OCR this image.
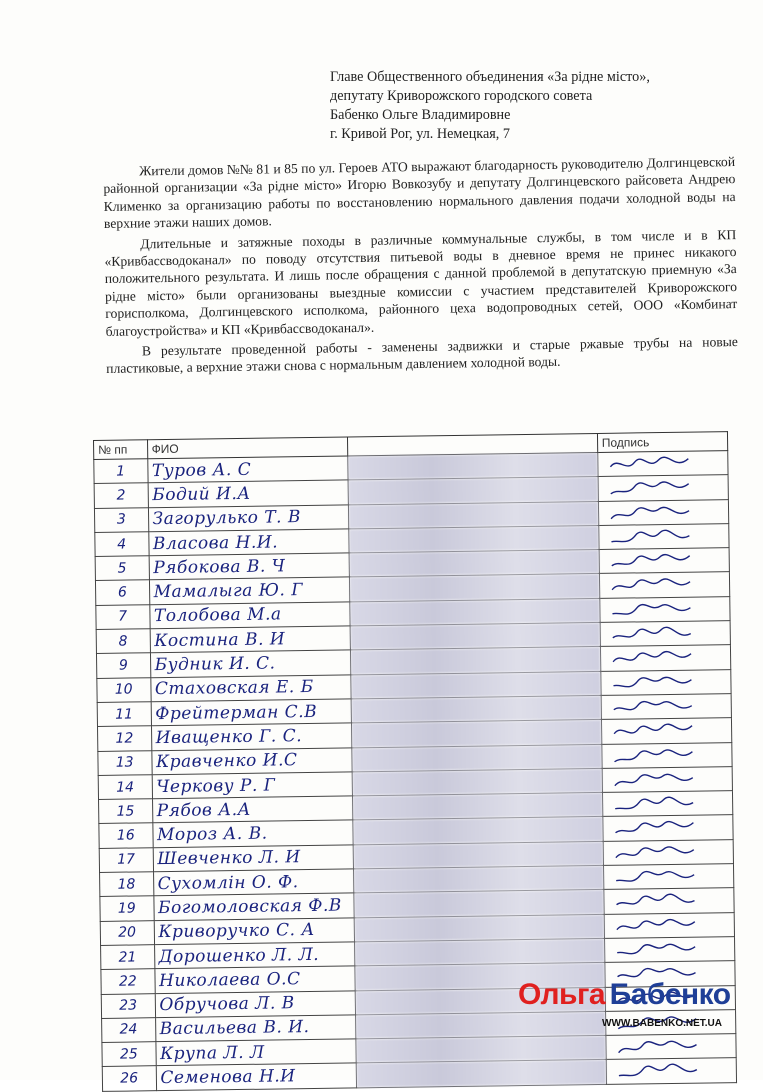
Главе Общественного объединения «За рідне місто»,
депутату Криворожского городского совета
Бабенко Ольге Владимировне
г. Кривой Рог, ул. Немецкая, 7

Жители домов №№ 81 и 85 по ул. Героев АТО выражают благодарность руководителю Долгинцевской районной организации «За рідне місто» Игорю Вовкозубу и депутату Долгинцевского райсовета Андрею Клименко за организацию работы по восстановлению нормального давления подачи холодной воды на верхние этажи наших домов.

Длительные и затяжные походы в различные коммунальные службы, в том числе и в КП «Кривбассводоканал» по поводу отсутствия питьевой воды в дневное время не принес никакого положительного результата. И лишь после обращения с данной проблемой в депутатскую приемную «За рідне місто» были организованы выездные комиссии с участием представителей Криворожского горисполкома, Долгинцевского исполкома, районного цеха водопроводных сетей, ООО «Комбинат благоустройства» и КП «Кривбассводоканал».

В результате проведенной работы - заменены задвижки и старые ржавые трубы на новые пластиковые, а верхние этажи снова с нормальным давлением холодной воды.

№ пп	ФИО		Подпись
1	Туров А. С		

2	Бодий И.А		

3	Загорулько Т. В		

4	Власова Н.И.		

5	Рябокова В. Ч		

6	Мамалыга Ю. Г		

7	Толобова М.а		

8	Костина В. И		

9	Будник И. С.		

10	Стаховская Е. Б		

11	Фрейтерман С.В		

12	Иващенко Г. С.		

13	Кравченко И.С		

14	Черкову Р. Г		

15	Рябов А.А		

16	Мороз А. В.		

17	Шевченко Л. И		

18	Сухомлін О. Ф.		

19	Богомоловская Ф.В		

20	Криворучко С. А		

21	Дорошенко Л. Л.		

22	Николаева О.С		

23	Обручова Л. В		

24	Васильева В. И.		

25	Крупа Л. Л		

26	Семенова Н.И		
Ольга Бабенко
WWW.BABENKO.NET.UA
